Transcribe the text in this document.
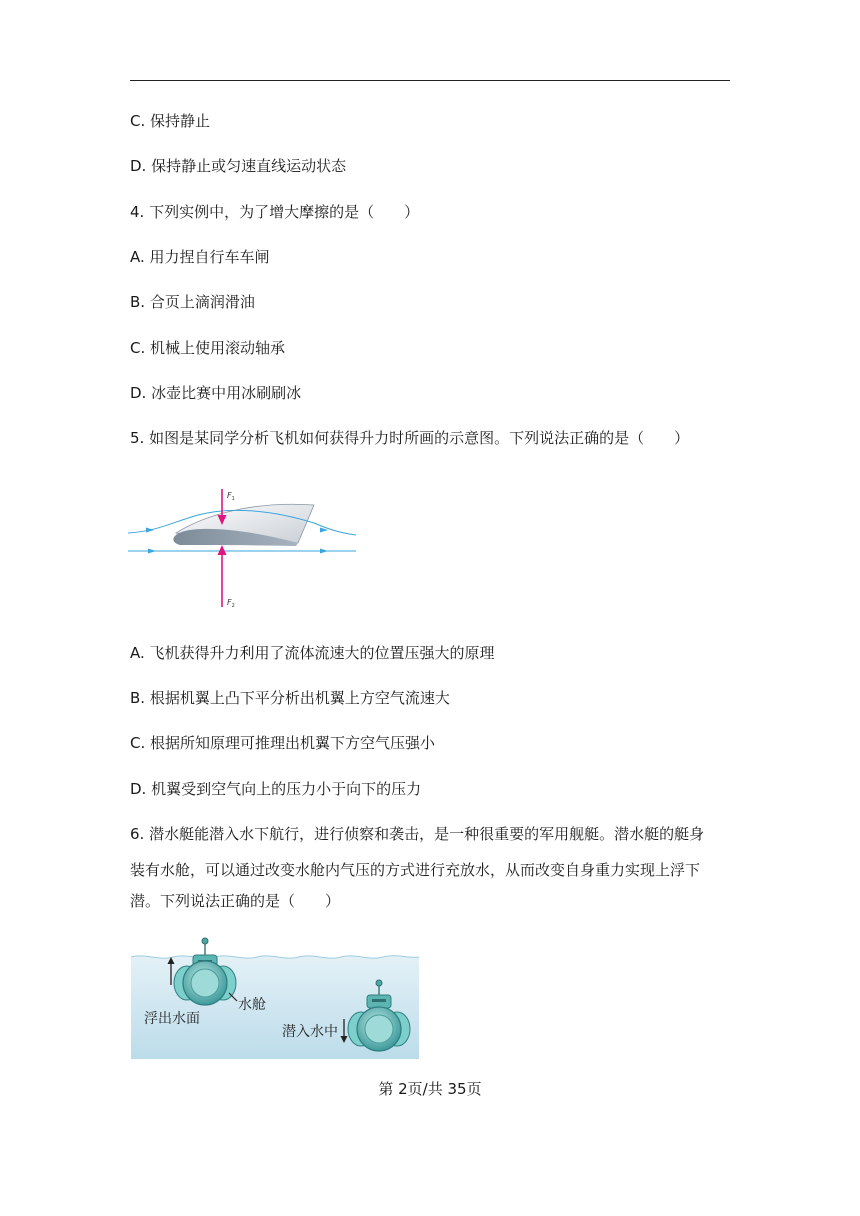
C. 保持静止
D. 保持静止或匀速直线运动状态
4. 下列实例中，为了增大摩擦的是（　　）
A. 用力捏自行车车闸
B. 合页上滴润滑油
C. 机械上使用滚动轴承
D. 冰壶比赛中用冰刷刷冰
5. 如图是某同学分析飞机如何获得升力时所画的示意图。下列说法正确的是（　　）
$F_1$
$F_2$
A. 飞机获得升力利用了流体流速大的位置压强大的原理
B. 根据机翼上凸下平分析出机翼上方空气流速大
C. 根据所知原理可推理出机翼下方空气压强小
D. 机翼受到空气向上的压力小于向下的压力
6. 潜水艇能潜入水下航行，进行侦察和袭击，是一种很重要的军用舰艇。潜水艇的艇身
装有水舱，可以通过改变水舱内气压的方式进行充放水，从而改变自身重力实现上浮下
潜。下列说法正确的是（　　）
水舱
浮出水面
潜入水中
第 2页/共 35页
